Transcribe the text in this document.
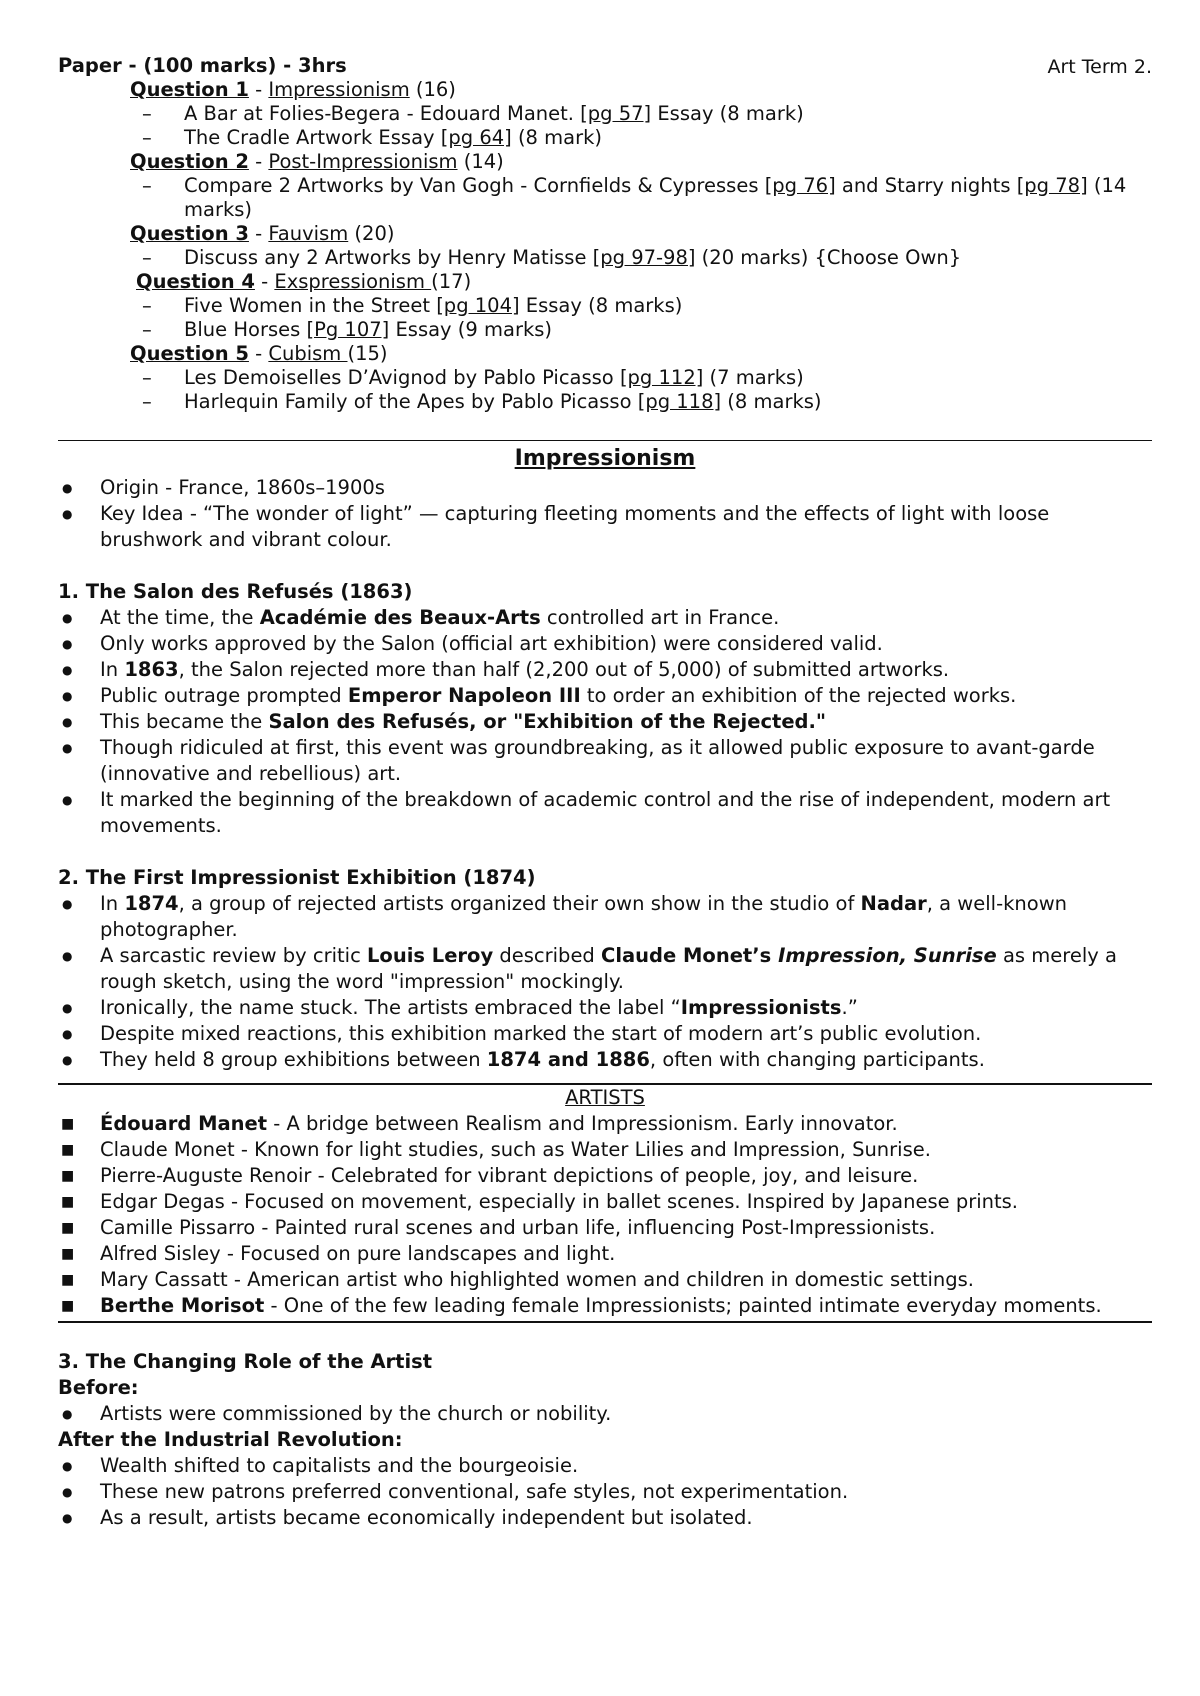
Art Term 2.
Paper - (100 marks) - 3hrs
Question 1 - Impressionism (16)
– A Bar at Folies-Begera - Edouard Manet. [pg 57] Essay (8 mark)
– The Cradle Artwork Essay [pg 64] (8 mark)
Question 2 - Post-Impressionism (14)
– Compare 2 Artworks by Van Gogh - Cornfields & Cypresses [pg 76] and Starry nights [pg 78] (14 marks)
Question 3 - Fauvism (20)
– Discuss any 2 Artworks by Henry Matisse [pg 97-98] (20 marks) {Choose Own}
Question 4 - Exspressionism (17)
– Five Women in the Street [pg 104] Essay (8 marks)
– Blue Horses [Pg 107] Essay (9 marks)
Question 5 - Cubism (15)
– Les Demoiselles D’Avignod by Pablo Picasso [pg 112] (7 marks)
– Harlequin Family of the Apes by Pablo Picasso [pg 118] (8 marks)
Impressionism
● Origin - France, 1860s–1900s
● Key Idea - “The wonder of light” — capturing fleeting moments and the effects of light with loose brushwork and vibrant colour.
1. The Salon des Refusés (1863)
● At the time, the Académie des Beaux-Arts controlled art in France.
● Only works approved by the Salon (official art exhibition) were considered valid.
● In 1863, the Salon rejected more than half (2,200 out of 5,000) of submitted artworks.
● Public outrage prompted Emperor Napoleon III to order an exhibition of the rejected works.
● This became the Salon des Refusés, or "Exhibition of the Rejected."
● Though ridiculed at first, this event was groundbreaking, as it allowed public exposure to avant-garde (innovative and rebellious) art.
● It marked the beginning of the breakdown of academic control and the rise of independent, modern art movements.
2. The First Impressionist Exhibition (1874)
● In 1874, a group of rejected artists organized their own show in the studio of Nadar, a well-known photographer.
● A sarcastic review by critic Louis Leroy described Claude Monet’s Impression, Sunrise as merely a rough sketch, using the word "impression" mockingly.
● Ironically, the name stuck. The artists embraced the label “Impressionists.”
● Despite mixed reactions, this exhibition marked the start of modern art’s public evolution.
● They held 8 group exhibitions between 1874 and 1886, often with changing participants.
ARTISTS
■ Édouard Manet - A bridge between Realism and Impressionism. Early innovator.
■ Claude Monet - Known for light studies, such as Water Lilies and Impression, Sunrise.
■ Pierre-Auguste Renoir - Celebrated for vibrant depictions of people, joy, and leisure.
■ Edgar Degas - Focused on movement, especially in ballet scenes. Inspired by Japanese prints.
■ Camille Pissarro - Painted rural scenes and urban life, influencing Post-Impressionists.
■ Alfred Sisley - Focused on pure landscapes and light.
■ Mary Cassatt - American artist who highlighted women and children in domestic settings.
■ Berthe Morisot - One of the few leading female Impressionists; painted intimate everyday moments.
3. The Changing Role of the Artist
Before:
● Artists were commissioned by the church or nobility.
After the Industrial Revolution:
● Wealth shifted to capitalists and the bourgeoisie.
● These new patrons preferred conventional, safe styles, not experimentation.
● As a result, artists became economically independent but isolated.
